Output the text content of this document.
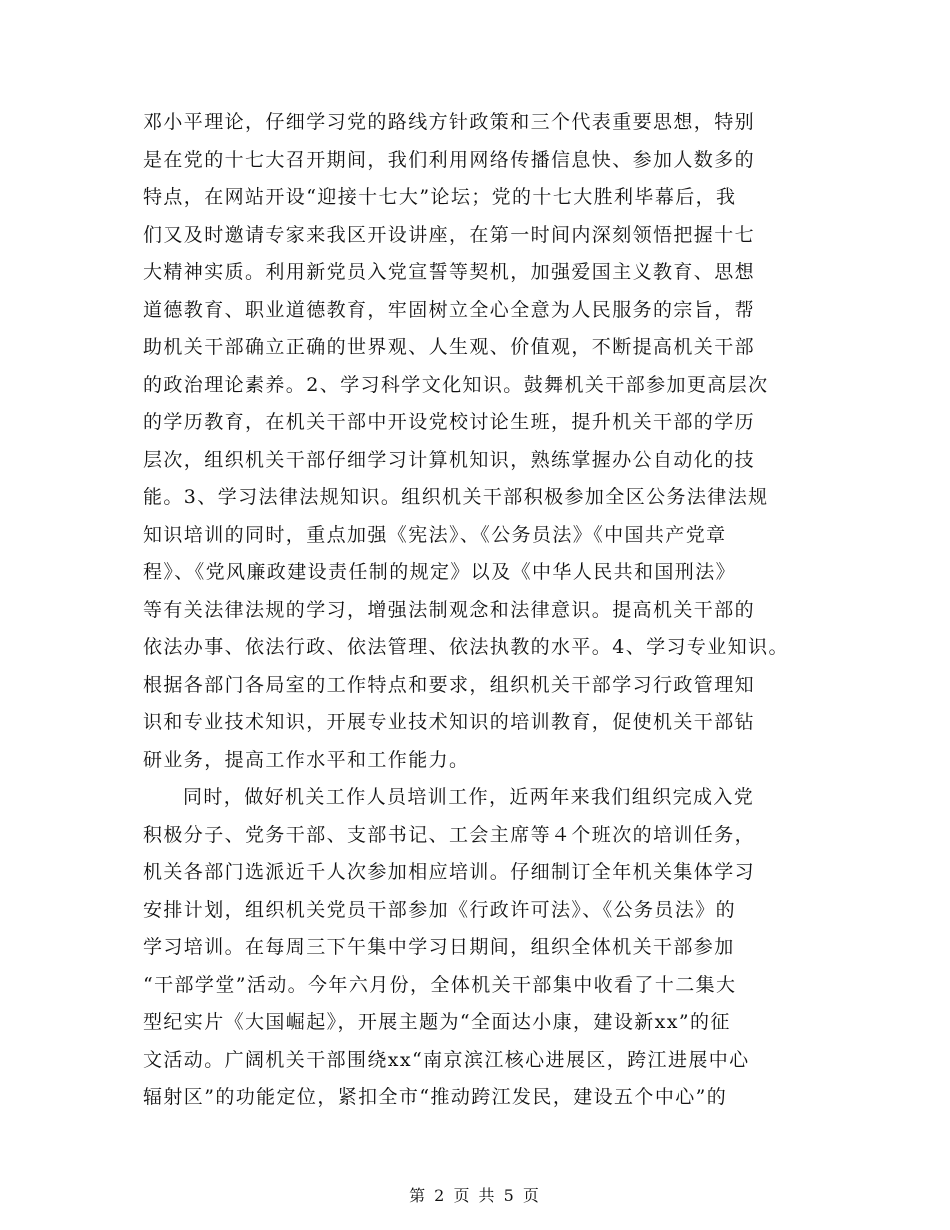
邓小平理论，仔细学习党的路线方针政策和三个代表重要思想，特别
是在党的十七大召开期间，我们利用网络传播信息快、参加人数多的
特点，在网站开设“迎接十七大”论坛；党的十七大胜利毕幕后，我
们又及时邀请专家来我区开设讲座，在第一时间内深刻领悟把握十七
大精神实质。利用新党员入党宣誓等契机，加强爱国主义教育、思想
道德教育、职业道德教育，牢固树立全心全意为人民服务的宗旨，帮
助机关干部确立正确的世界观、人生观、价值观，不断提高机关干部
的政治理论素养。2、学习科学文化知识。鼓舞机关干部参加更高层次
的学历教育，在机关干部中开设党校讨论生班，提升机关干部的学历
层次，组织机关干部仔细学习计算机知识，熟练掌握办公自动化的技
能。3、学习法律法规知识。组织机关干部积极参加全区公务法律法规
知识培训的同时，重点加强《宪法》、《公务员法》《中国共产党章
程》、《党风廉政建设责任制的规定》以及《中华人民共和国刑法》
等有关法律法规的学习，增强法制观念和法律意识。提高机关干部的
依法办事、依法行政、依法管理、依法执教的水平。4、学习专业知识。
根据各部门各局室的工作特点和要求，组织机关干部学习行政管理知
识和专业技术知识，开展专业技术知识的培训教育，促使机关干部钻
研业务，提高工作水平和工作能力。
同时，做好机关工作人员培训工作，近两年来我们组织完成入党
积极分子、党务干部、支部书记、工会主席等４个班次的培训任务，
机关各部门选派近千人次参加相应培训。仔细制订全年机关集体学习
安排计划，组织机关党员干部参加《行政许可法》、《公务员法》的
学习培训。在每周三下午集中学习日期间，组织全体机关干部参加
“干部学堂”活动。今年六月份，全体机关干部集中收看了十二集大
型纪实片《大国崛起》，开展主题为“全面达小康，建设新xx”的征
文活动。广阔机关干部围绕xx“南京滨江核心进展区，跨江进展中心
辐射区”的功能定位，紧扣全市“推动跨江发民，建设五个中心”的
第 2 页 共 5 页
